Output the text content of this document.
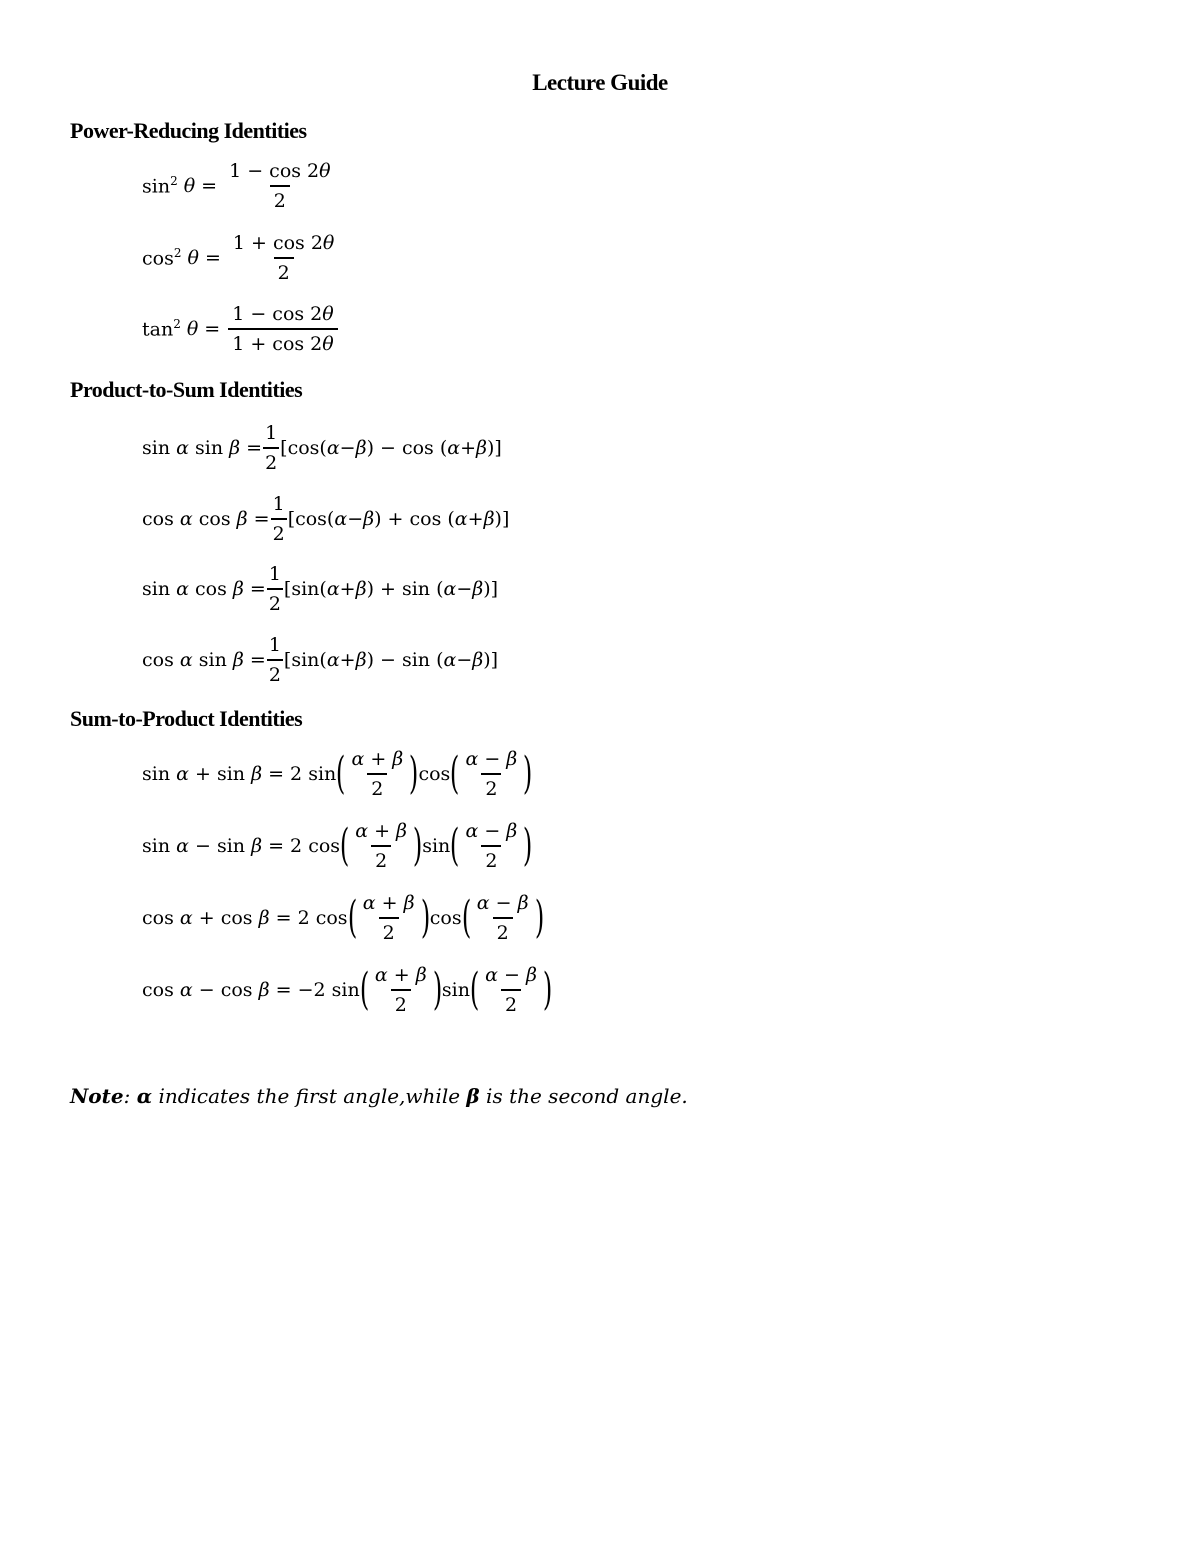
Lecture Guide
Power-Reducing Identities
$\sin^2 \theta = \frac{1 - \cos 2\theta}{2}$
$\cos^2 \theta = \frac{1 + \cos 2\theta}{2}$
$\tan^2 \theta = \frac{1 - \cos 2\theta}{1 + \cos 2\theta}$
Product-to-Sum Identities
sin α $\sin \beta = \frac{1}{2} [\cos$( α − β ) − cos ( α + β )]
cos α $\cos \beta = \frac{1}{2} [\cos$( α − β ) + cos ( α + β )]
sin α $\cos \beta = \frac{1}{2} [\sin$( α + β ) + sin ( α − β )]
cos α $\sin \beta = \frac{1}{2} [\sin$( α + β ) − sin ( α − β )]
Sum-to-Product Identities
sin α + sin β = 2 sin ( $\frac{\alpha + \beta}{2}$ ) cos ( $\frac{\alpha - \beta}{2}$ )
sin α − sin β = 2 cos ( $\frac{\alpha + \beta}{2}$ ) sin ( $\frac{\alpha - \beta}{2}$ )
cos α + cos β = 2 cos ( $\frac{\alpha + \beta}{2}$ ) cos ( $\frac{\alpha - \beta}{2}$ )
cos α − cos β = −2 sin ( $\frac{\alpha + \beta}{2}$ ) sin ( $\frac{\alpha - \beta}{2}$ )
Note: α indicates the first angle,while β is the second angle.
